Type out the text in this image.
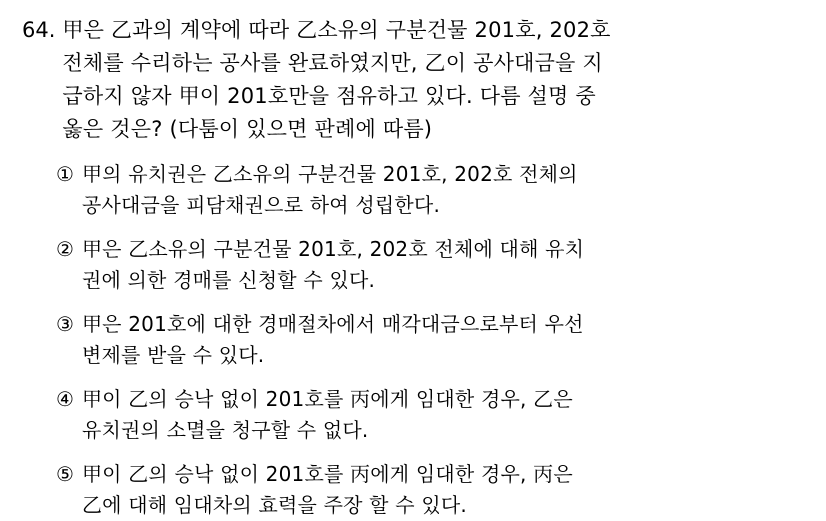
64. 甲은 乙과의 계약에 따라 乙소유의 구분건물 201호, 202호
전체를 수리하는 공사를 완료하였지만, 乙이 공사대금을 지
급하지 않자 甲이 201호만을 점유하고 있다. 다름 설명 중
옳은 것은? (다툼이 있으면 판례에 따름)
① 甲의 유치권은 乙소유의 구분건물 201호, 202호 전체의
공사대금을 피담채권으로 하여 성립한다.
② 甲은 乙소유의 구분건물 201호, 202호 전체에 대해 유치
권에 의한 경매를 신청할 수 있다.
③ 甲은 201호에 대한 경매절차에서 매각대금으로부터 우선
변제를 받을 수 있다.
④ 甲이 乙의 승낙 없이 201호를 丙에게 임대한 경우, 乙은
유치권의 소멸을 청구할 수 없다.
⑤ 甲이 乙의 승낙 없이 201호를 丙에게 임대한 경우, 丙은
乙에 대해 임대차의 효력을 주장 할 수 있다.
